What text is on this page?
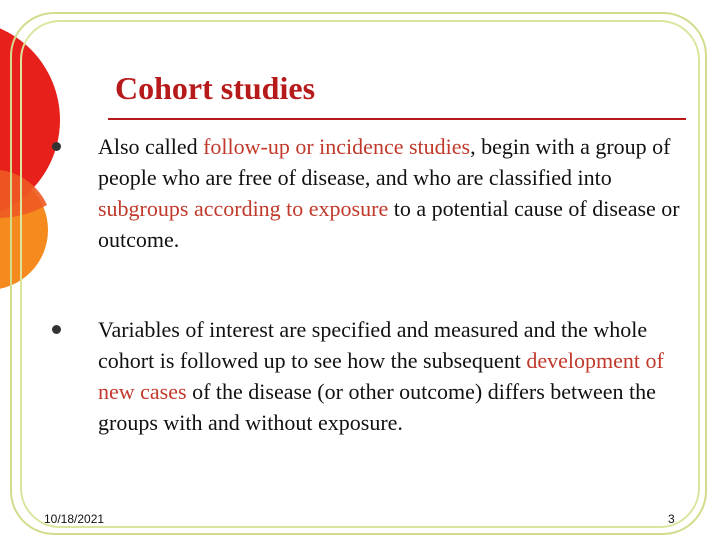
Cohort studies

Also called follow-up or incidence studies, begin with a group of people who are free of disease, and who are classified into subgroups according to exposure to a potential cause of disease or outcome.

Variables of interest are specified and measured and the whole cohort is followed up to see how the subsequent development of new cases of the disease (or other outcome) differs between the groups with and without exposure.

10/18/2021	3
